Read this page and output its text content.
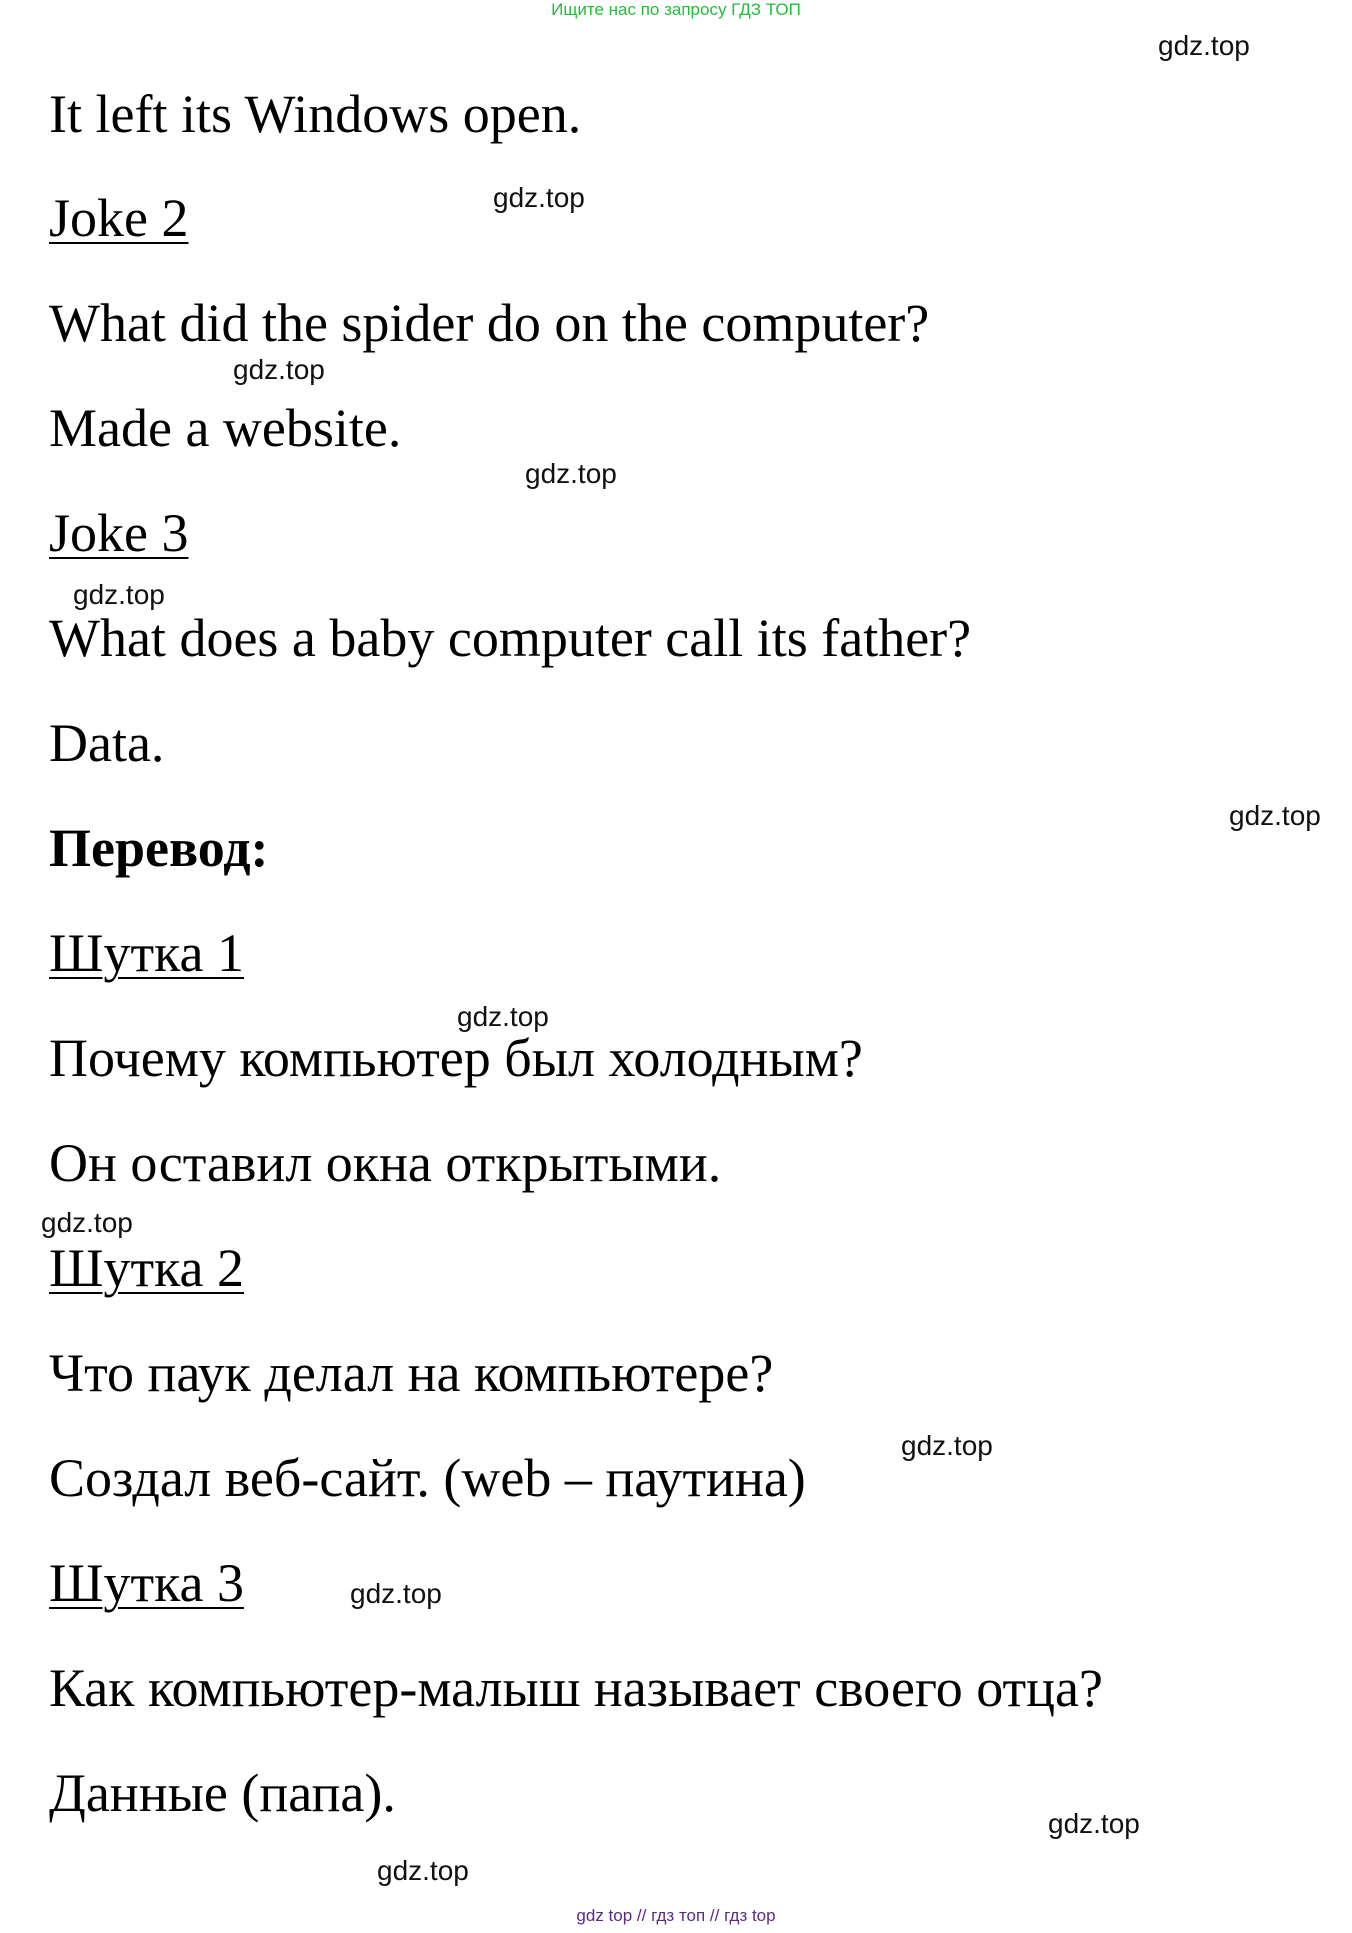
Ищите нас по запросу ГДЗ ТОП
It left its Windows open.
Joke 2
What did the spider do on the computer?
Made a website.
Joke 3
What does a baby computer call its father?
Data.
Перевод:
Шутка 1
Почему компьютер был холодным?
Он оставил окна открытыми.
Шутка 2
Что паук делал на компьютере?
Создал веб-сайт. (web – паутина)
Шутка 3
Как компьютер-малыш называет своего отца?
Данные (папа).
gdz.top
gdz.top
gdz.top
gdz.top
gdz.top
gdz.top
gdz.top
gdz.top
gdz.top
gdz.top
gdz.top
gdz.top
gdz top // гдз топ // гдз top
